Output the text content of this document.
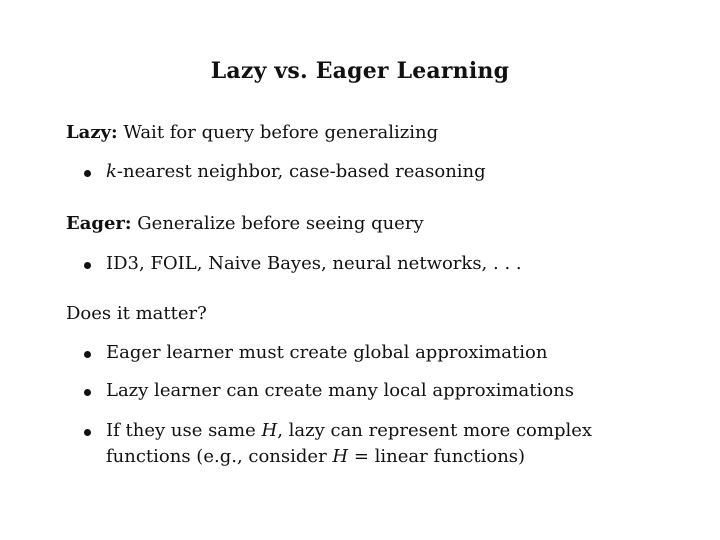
Lazy vs. Eager Learning
Lazy: Wait for query before generalizing
k-nearest neighbor, case-based reasoning
Eager: Generalize before seeing query
ID3, FOIL, Naive Bayes, neural networks, . . .
Does it matter?
Eager learner must create global approximation
Lazy learner can create many local approximations
If they use same H, lazy can represent more complex
functions (e.g., consider H = linear functions)
